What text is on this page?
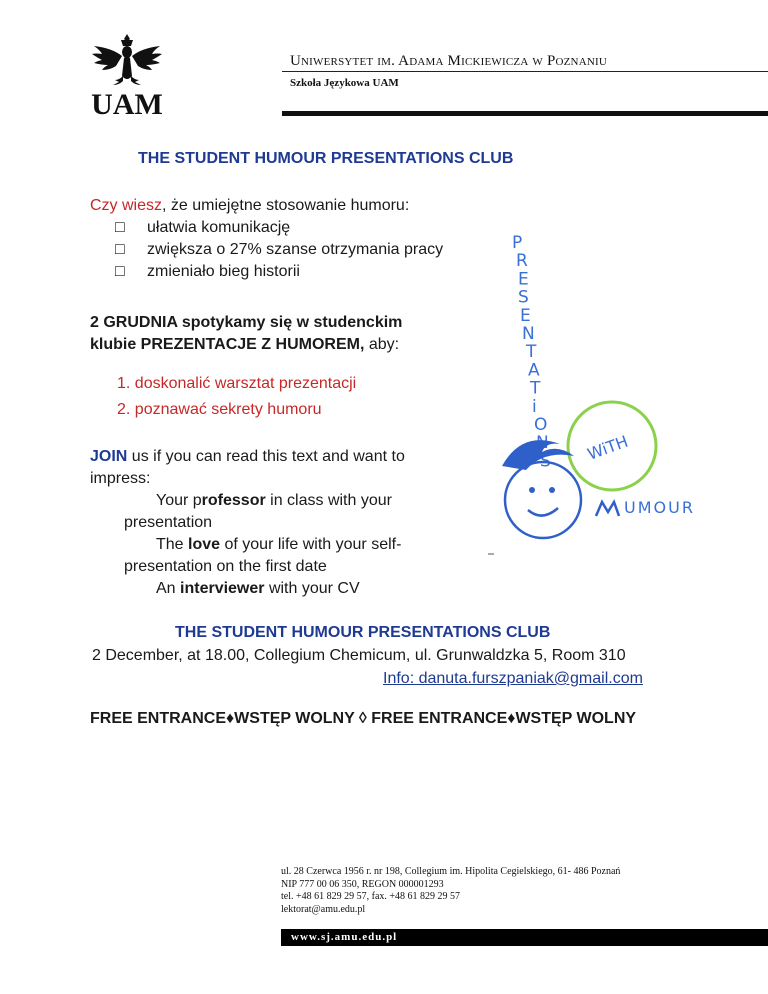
UAM
Uniwersytet im. Adama Mickiewicza w Poznaniu
Szkoła Językowa UAM
THE STUDENT HUMOUR PRESENTATIONS CLUB
Czy wiesz, że umiejętne stosowanie humoru:
□ ułatwia komunikację
□ zwiększa o 27% szanse otrzymania pracy
□ zmieniało bieg historii
2 GRUDNIA spotykamy się w studenckim
klubie PREZENTACJE Z HUMOREM, aby:
1. doskonalić warsztat prezentacji
2. poznawać sekrety humoru
JOIN us if you can read this text and want to impress:
Your professor in class with your
presentation
The love of your life with your self-
presentation on the first date
An interviewer with your CV
P
R
E
S
E
N
T
A
T
i
O
S WiTH
UMOUR
THE STUDENT HUMOUR PRESENTATIONS CLUB
2 December, at 18.00, Collegium Chemicum, ul. Grunwaldzka 5, Room 310
Info: danuta.furszpaniak@gmail.com
FREE ENTRANCE♦WSTĘP WOLNY ◊ FREE ENTRANCE♦WSTĘP WOLNY
ul. 28 Czerwca 1956 r. nr 198, Collegium im. Hipolita Cegielskiego, 61- 486 Poznań
NIP 777 00 06 350, REGON 000001293
tel. +48 61 829 29 57, fax. +48 61 829 29 57
lektorat@amu.edu.pl
www.sj.amu.edu.pl
